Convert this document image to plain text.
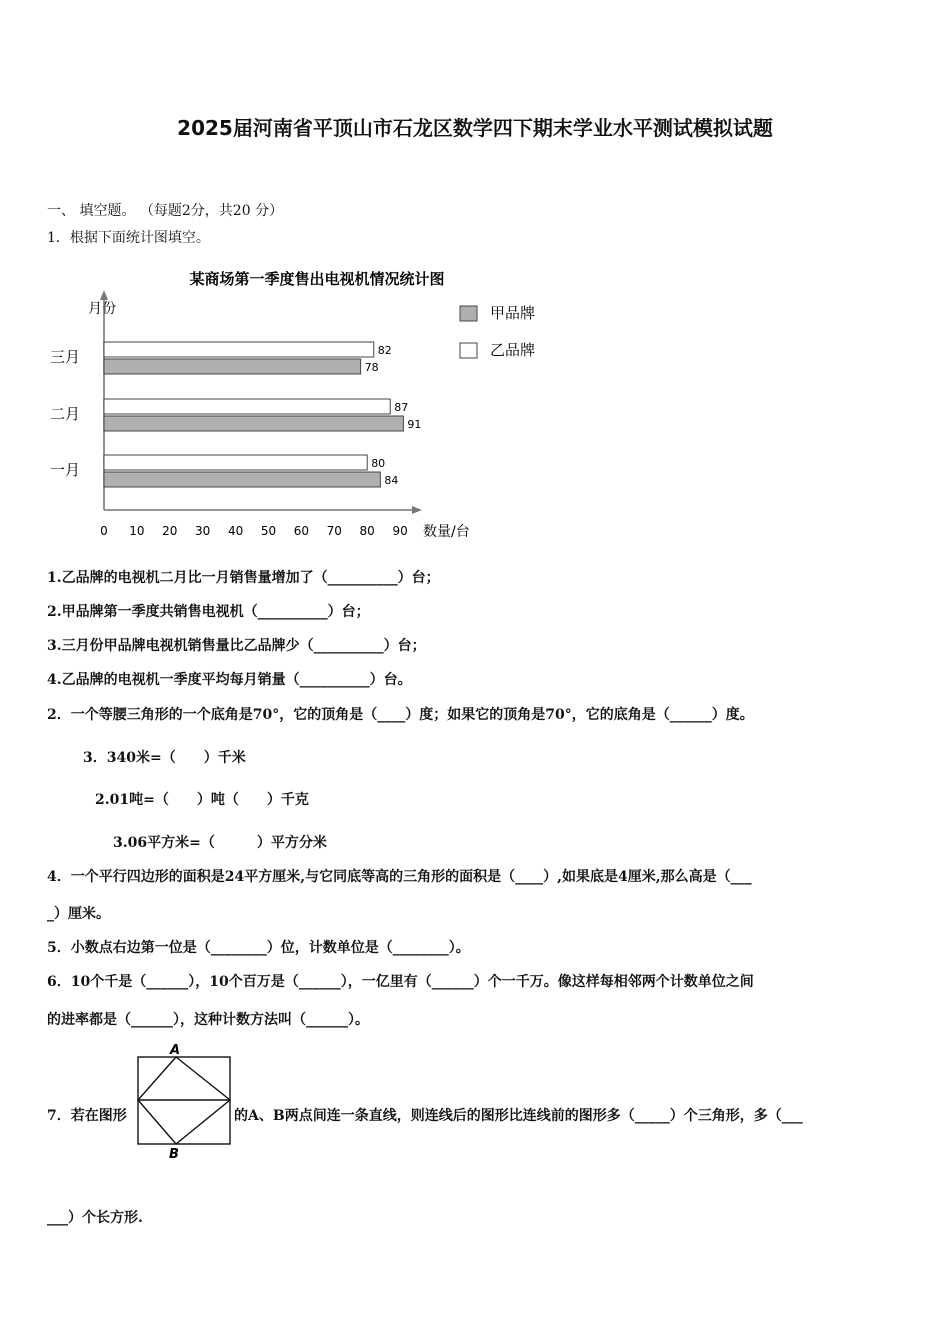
2025届河南省平顶山市石龙区数学四下期末学业水平测试模拟试题
一、 填空题。 （每题2分，共20 分）
1．根据下面统计图填空。
某商场第一季度售出电视机情况统计图
月份
数量/台
三月	82
78
二月	87
91
一月	80
84
0 10 20 30 40 50 60 70 80 90
甲品牌
乙品牌
1.乙品牌的电视机二月比一月销售量增加了（__________）台；
2.甲品牌第一季度共销售电视机（__________）台；
3.三月份甲品牌电视机销售量比乙品牌少（__________）台；
4.乙品牌的电视机一季度平均每月销量（__________）台。
2．一个等腰三角形的一个底角是70°，它的顶角是（____）度；如果它的顶角是70°，它的底角是（______）度。
3．340米=（　　）千米
2.01吨=（　　）吨（　　）千克
3.06平方米=（　　　）平方分米
4．一个平行四边形的面积是24平方厘米,与它同底等高的三角形的面积是（____）,如果底是4厘米,那么高是（___
_）厘米。
5．小数点右边第一位是（________）位，计数单位是（________）。
6．10个千是（______），10个百万是（______），一亿里有（______）个一千万。像这样每相邻两个计数单位之间
的进率都是（______），这种计数方法叫（______）。
7．若在图形
A
B
的A、B两点间连一条直线，则连线后的图形比连线前的图形多（_____）个三角形，多（___
___）个长方形.
